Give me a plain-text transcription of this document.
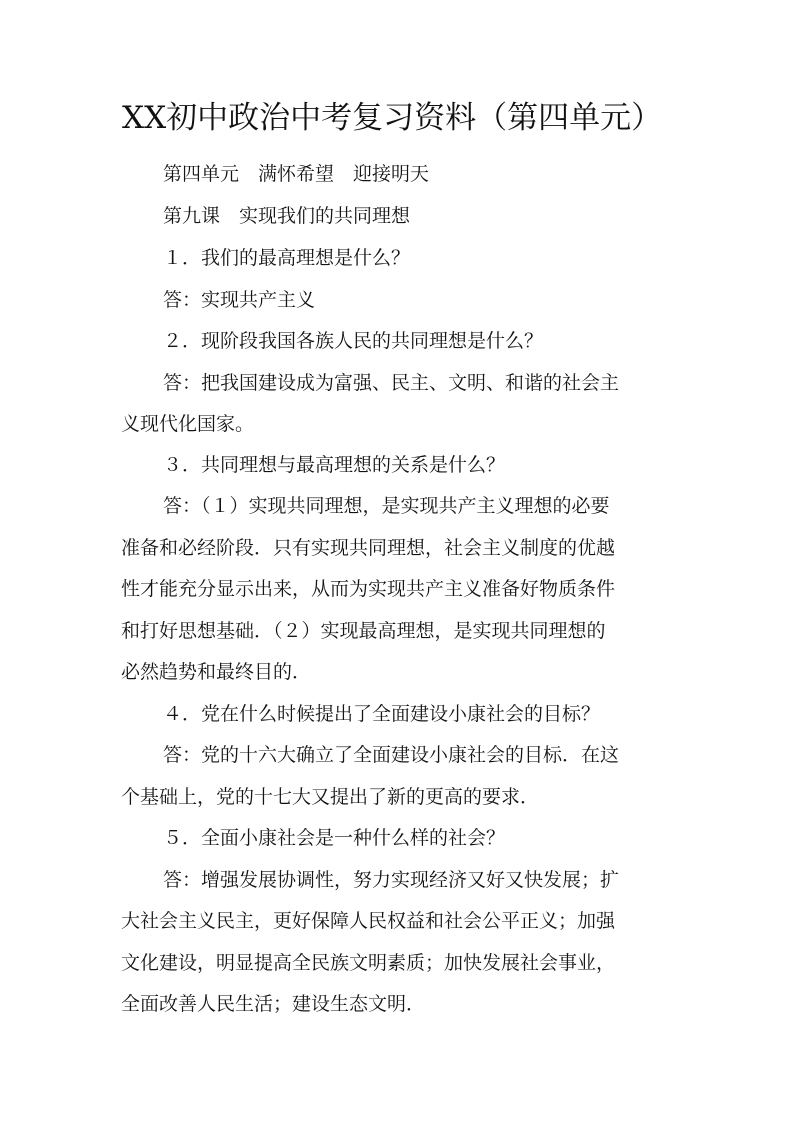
XX初中政治中考复习资料（第四单元）
第四单元　满怀希望　迎接明天
第九课　实现我们的共同理想
１．我们的最高理想是什么？
答：实现共产主义
２．现阶段我国各族人民的共同理想是什么？
答：把我国建设成为富强、民主、文明、和谐的社会主
义现代化国家。
３．共同理想与最高理想的关系是什么？
答：（１）实现共同理想，是实现共产主义理想的必要
准备和必经阶段．只有实现共同理想，社会主义制度的优越
性才能充分显示出来，从而为实现共产主义准备好物质条件
和打好思想基础．（２）实现最高理想，是实现共同理想的
必然趋势和最终目的．
４．党在什么时候提出了全面建设小康社会的目标？
答：党的十六大确立了全面建设小康社会的目标．在这
个基础上，党的十七大又提出了新的更高的要求．
５．全面小康社会是一种什么样的社会？
答：增强发展协调性，努力实现经济又好又快发展；扩
大社会主义民主，更好保障人民权益和社会公平正义；加强
文化建设，明显提高全民族文明素质；加快发展社会事业，
全面改善人民生活；建设生态文明．
